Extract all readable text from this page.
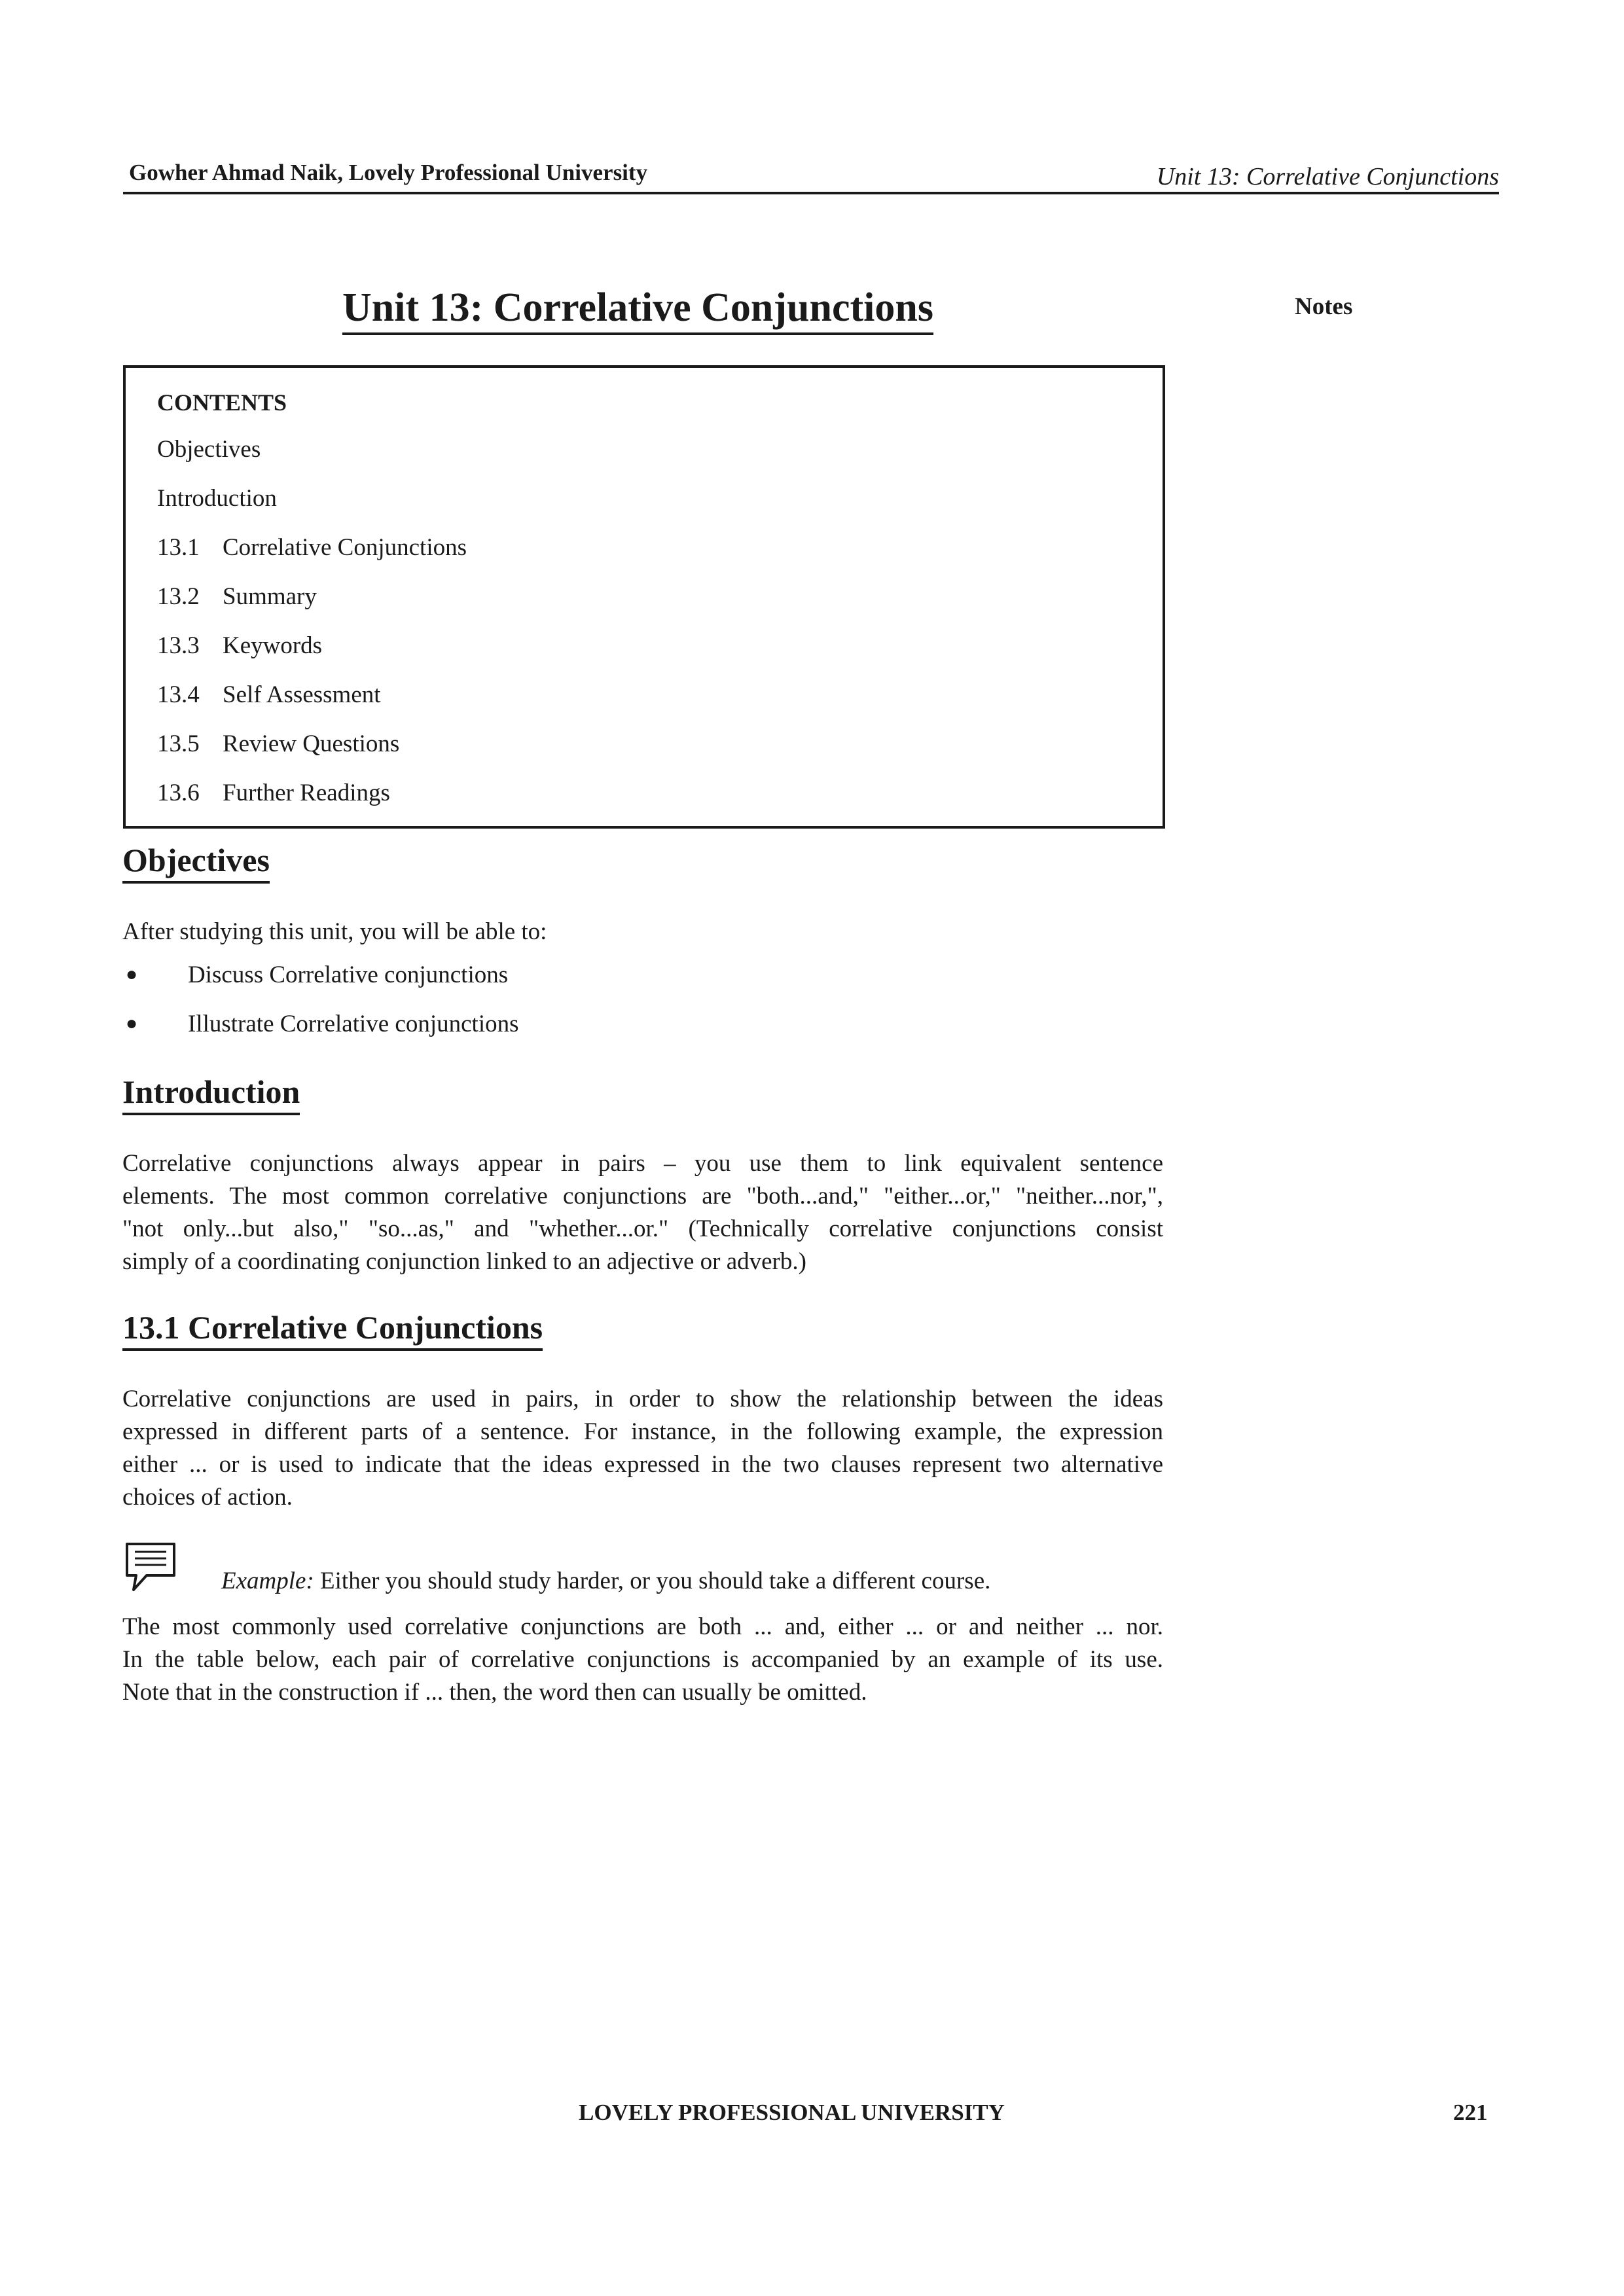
Gowher Ahmad Naik, Lovely Professional University	Unit 13: Correlative Conjunctions
Unit 13: Correlative Conjunctions	Notes
CONTENTS
Objectives
Introduction
13.1 Correlative Conjunctions
13.2 Summary
13.3 Keywords
13.4 Self Assessment
13.5 Review Questions
13.6 Further Readings
Objectives
After studying this unit, you will be able to:
● Discuss Correlative conjunctions
● Illustrate Correlative conjunctions
Introduction
Correlative conjunctions always appear in pairs – you use them to link equivalent sentence
elements. The most common correlative conjunctions are "both...and," "either...or," "neither...nor,",
"not only...but also," "so...as," and "whether...or." (Technically correlative conjunctions consist
simply of a coordinating conjunction linked to an adjective or adverb.)
13.1 Correlative Conjunctions
Correlative conjunctions are used in pairs, in order to show the relationship between the ideas
expressed in different parts of a sentence. For instance, in the following example, the expression
either ... or is used to indicate that the ideas expressed in the two clauses represent two alternative
choices of action.
Example: Either you should study harder, or you should take a different course.
The most commonly used correlative conjunctions are both ... and, either ... or and neither ... nor.
In the table below, each pair of correlative conjunctions is accompanied by an example of its use.
Note that in the construction if ... then, the word then can usually be omitted.
LOVELY PROFESSIONAL UNIVERSITY	221
